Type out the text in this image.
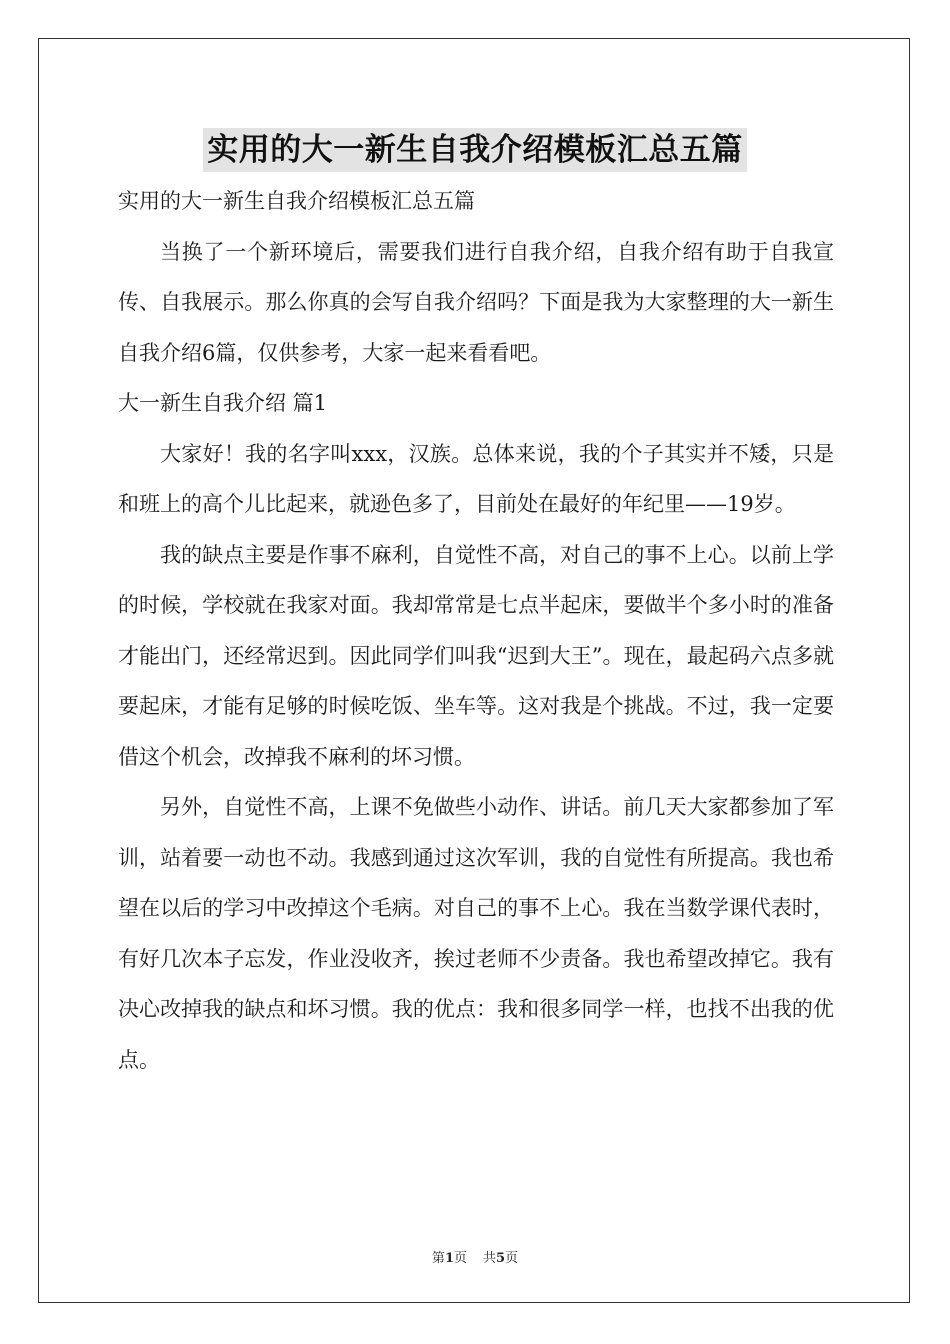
实用的大一新生自我介绍模板汇总五篇
实用的大一新生自我介绍模板汇总五篇

当换了一个新环境后，需要我们进行自我介绍，自我介绍有助于自我宣传、自我展示。那么你真的会写自我介绍吗？下面是我为大家整理的大一新生自我介绍6篇，仅供参考，大家一起来看看吧。

大一新生自我介绍 篇1

大家好！我的名字叫xxx，汉族。总体来说，我的个子其实并不矮，只是和班上的高个儿比起来，就逊色多了，目前处在最好的年纪里——19岁。

我的缺点主要是作事不麻利，自觉性不高，对自己的事不上心。以前上学的时候，学校就在我家对面。我却常常是七点半起床，要做半个多小时的准备才能出门，还经常迟到。因此同学们叫我“迟到大王”。现在，最起码六点多就要起床，才能有足够的时候吃饭、坐车等。这对我是个挑战。不过，我一定要借这个机会，改掉我不麻利的坏习惯。

另外，自觉性不高，上课不免做些小动作、讲话。前几天大家都参加了军训，站着要一动也不动。我感到通过这次军训，我的自觉性有所提高。我也希望在以后的学习中改掉这个毛病。对自己的事不上心。我在当数学课代表时，有好几次本子忘发，作业没收齐，挨过老师不少责备。我也希望改掉它。我有决心改掉我的缺点和坏习惯。我的优点：我和很多同学一样，也找不出我的优点。

第1页 共5页
